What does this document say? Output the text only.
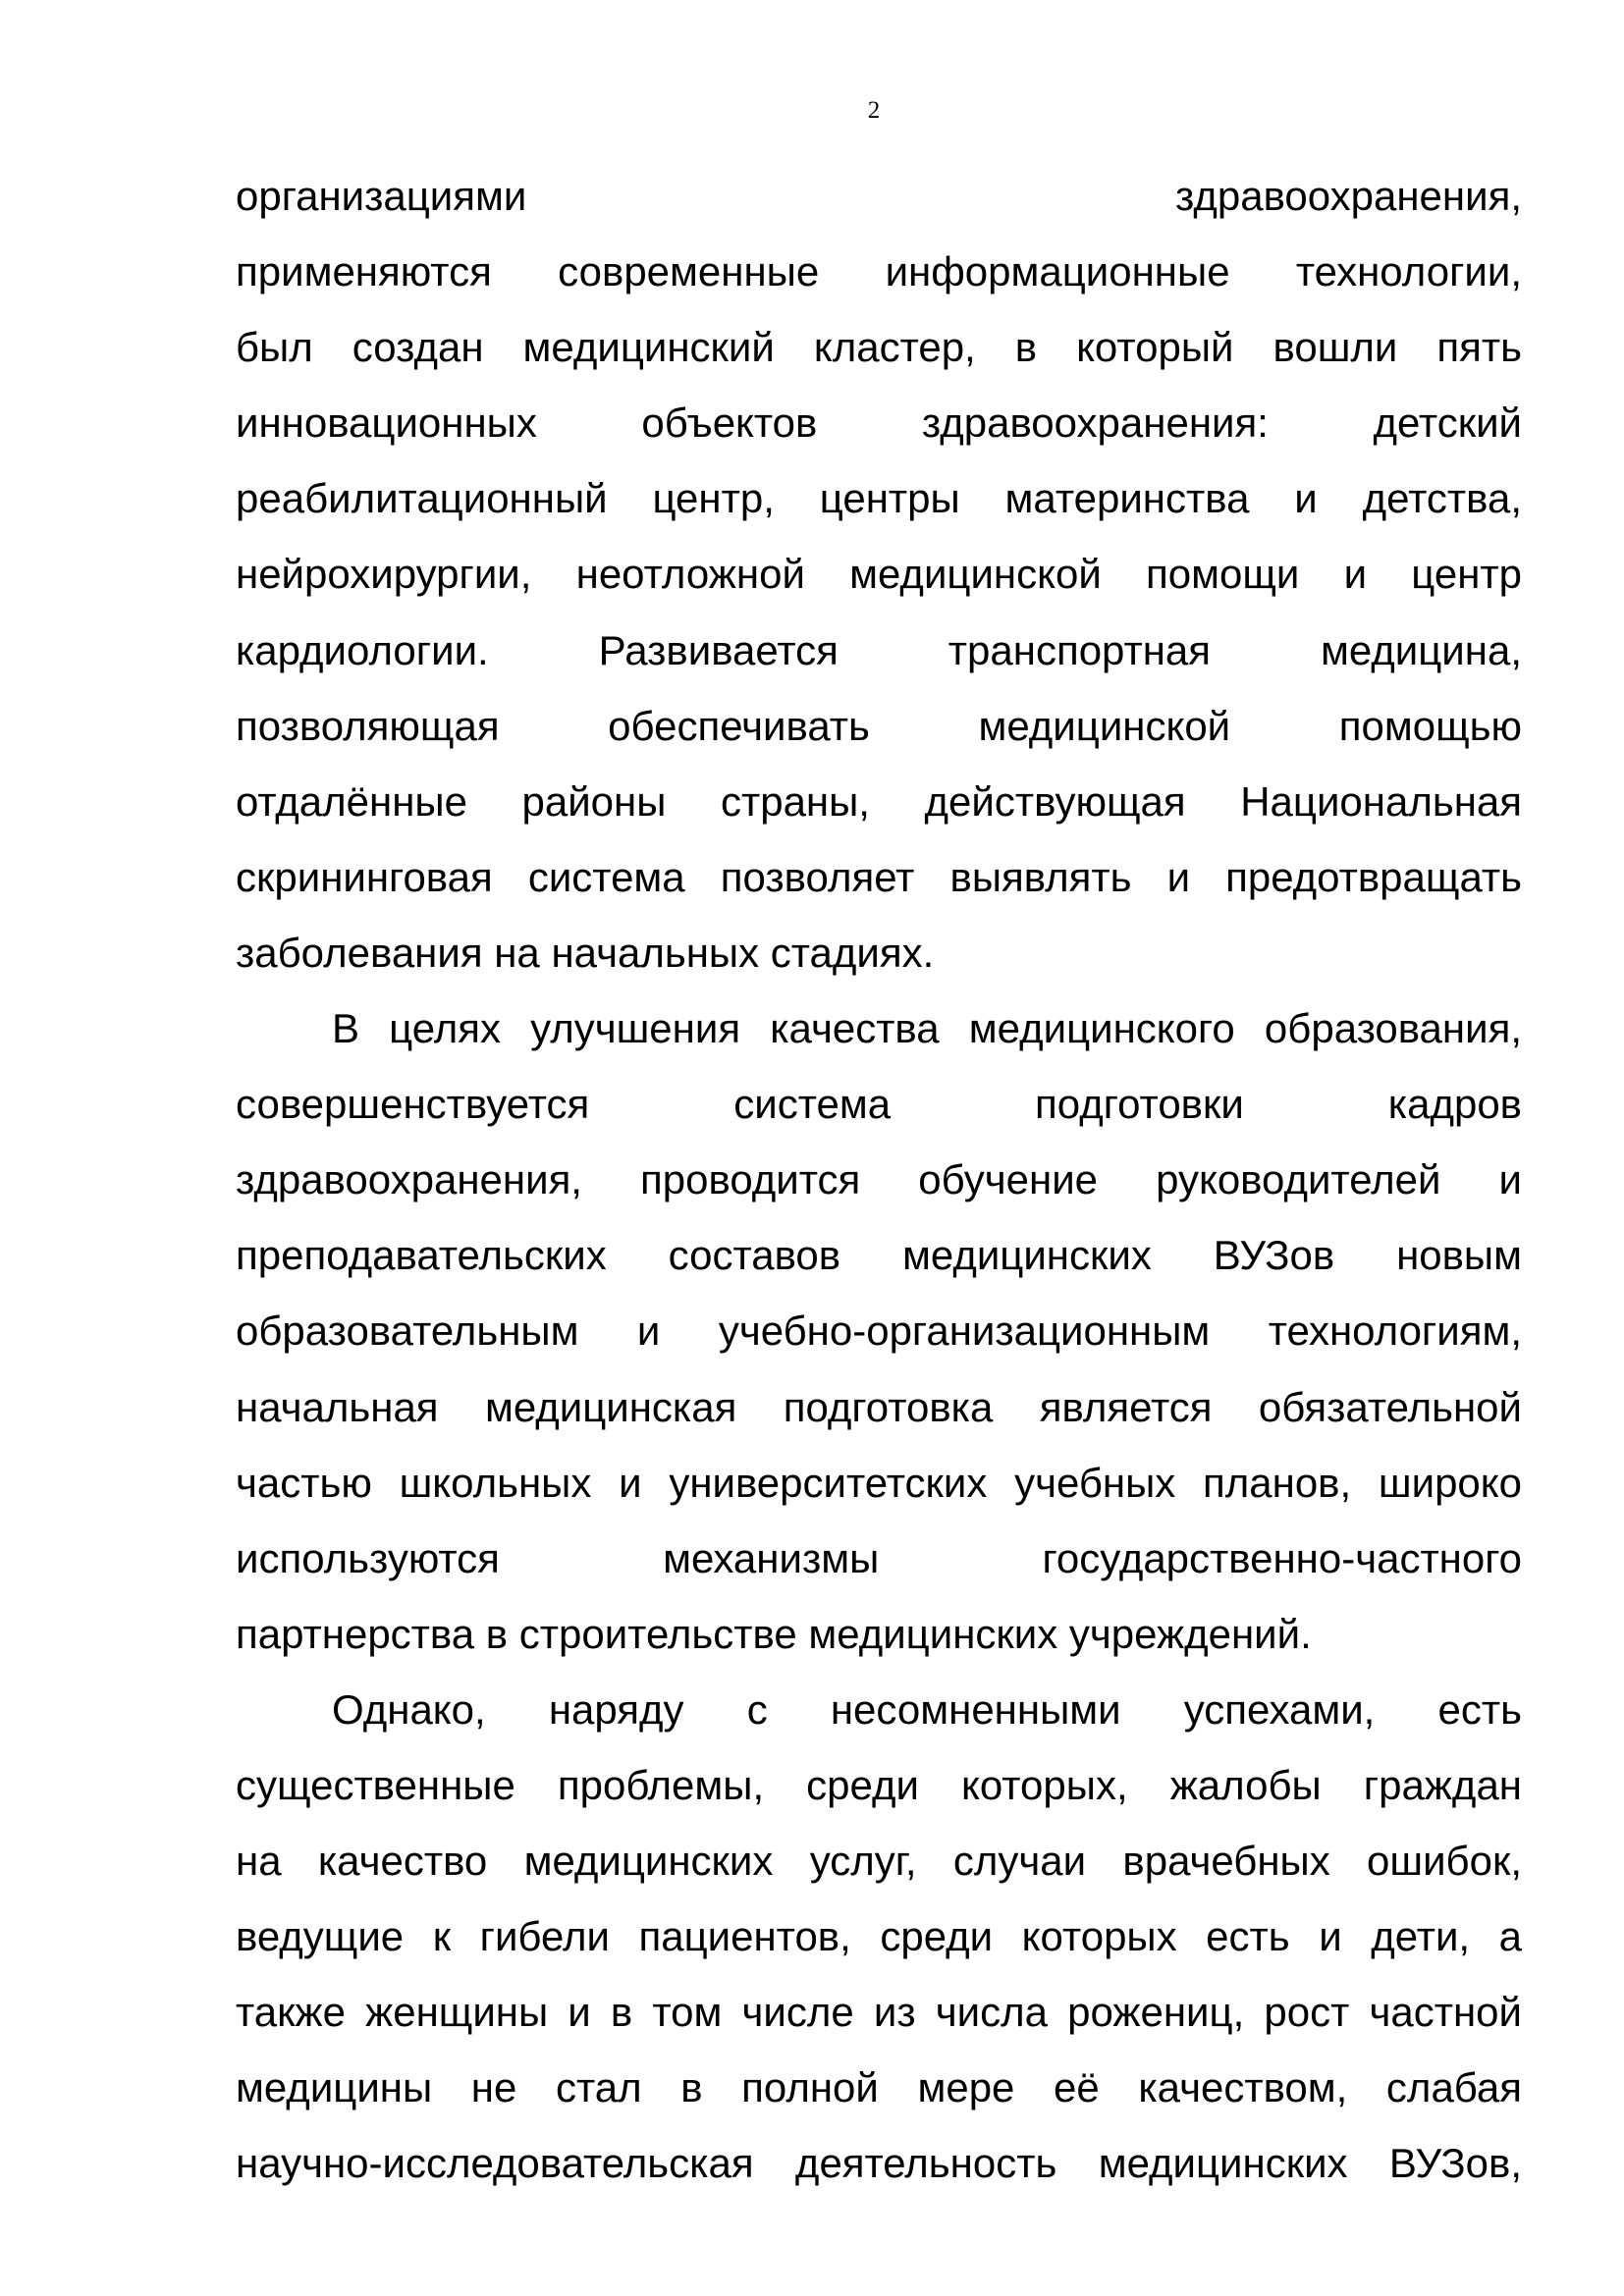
2
организациями здравоохранения,
применяются современные информационные технологии,
был создан медицинский кластер, в который вошли пять
инновационных объектов здравоохранения: детский
реабилитационный центр, центры материнства и детства,
нейрохирургии, неотложной медицинской помощи и центр
кардиологии. Развивается транспортная медицина,
позволяющая обеспечивать медицинской помощью
отдалённые районы страны, действующая Национальная
скрининговая система позволяет выявлять и предотвращать
заболевания на начальных стадиях.
В целях улучшения качества медицинского образования,
совершенствуется система подготовки кадров
здравоохранения, проводится обучение руководителей и
преподавательских составов медицинских ВУЗов новым
образовательным и учебно-организационным технологиям,
начальная медицинская подготовка является обязательной
частью школьных и университетских учебных планов, широко
используются механизмы государственно-частного
партнерства в строительстве медицинских учреждений.
Однако, наряду с несомненными успехами, есть
существенные проблемы, среди которых, жалобы граждан
на качество медицинских услуг, случаи врачебных ошибок,
ведущие к гибели пациентов, среди которых есть и дети, а
также женщины и в том числе из числа рожениц, рост частной
медицины не стал в полной мере её качеством, слабая
научно-исследовательская деятельность медицинских ВУЗов,
